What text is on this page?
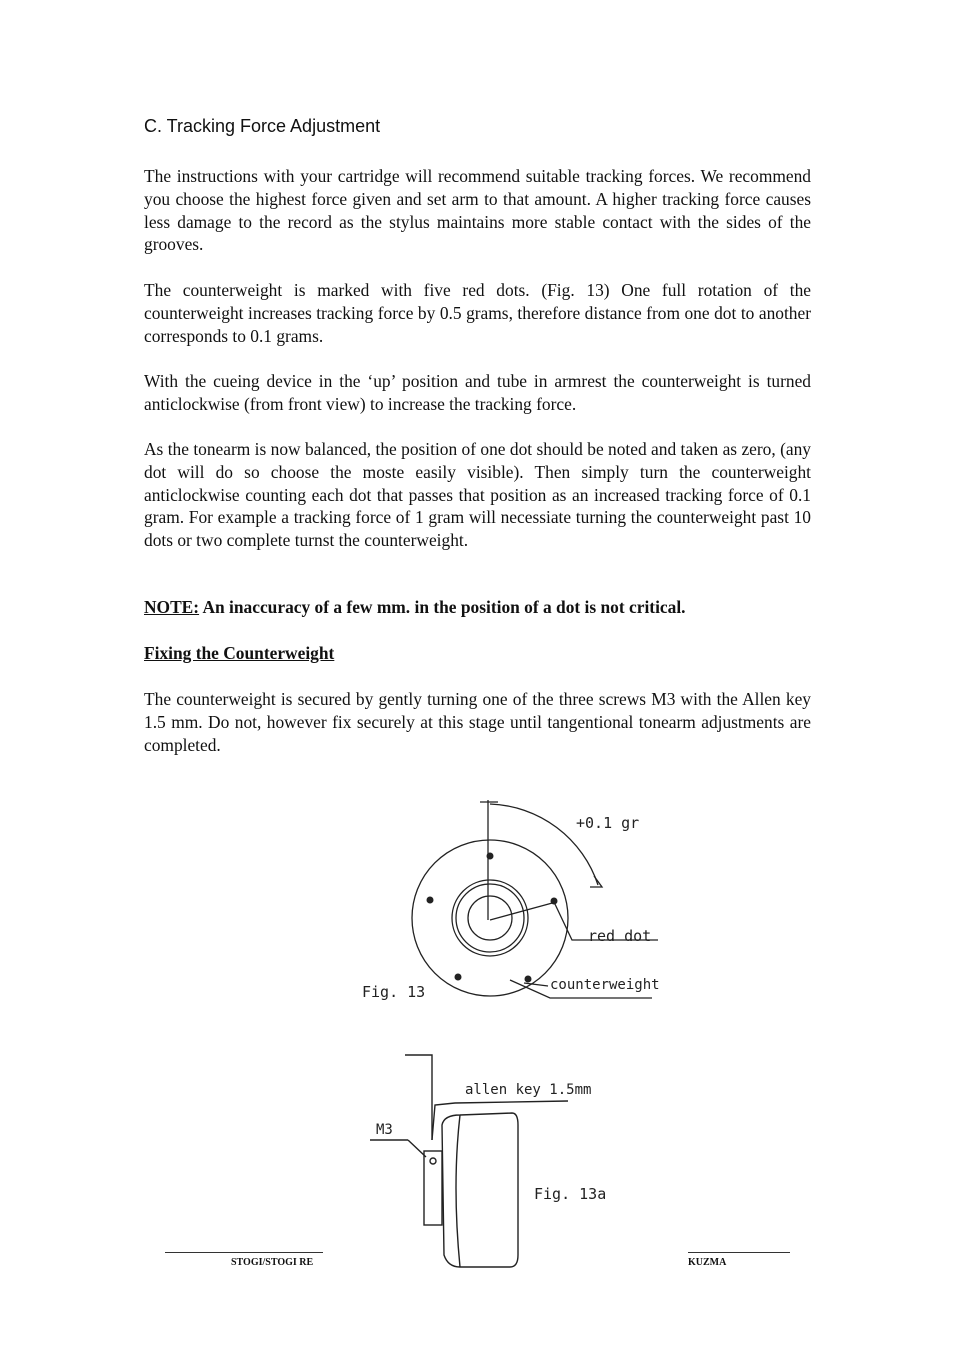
C. Tracking Force Adjustment

The instructions with your cartridge will recommend suitable tracking forces. We recommend you choose the highest force given and set arm to that amount. A higher tracking force causes less damage to the record as the stylus maintains more stable contact with the sides of the grooves.

The counterweight is marked with five red dots. (Fig. 13) One full rotation of the counterweight increases tracking force by 0.5 grams, therefore distance from one dot to another corresponds to 0.1 grams.

With the cueing device in the ‘up’ position and tube in armrest the counterweight is turned anticlockwise (from front view) to increase the tracking force.

As the tonearm is now balanced, the position of one dot should be noted and taken as zero, (any dot will do so choose the moste easily visible). Then simply turn the counterweight anticlockwise counting each dot that passes that position as an increased tracking force of 0.1 gram. For example a tracking force of 1 gram will necessiate turning the counterweight past 10 dots or two complete turnst the counterweight.

NOTE: An inaccuracy of a few mm. in the position of a dot is not critical.
Fixing the Counterweight

The counterweight is secured by gently turning one of the three screws M3 with the Allen key 1.5 mm. Do not, however fix securely at this stage until tangentional tonearm adjustments are completed.

+0.1 gr
red dot
counterweight
Fig. 13
allen key 1.5mm
M3
Fig. 13a
STOGI/STOGI RE	KUZMA
